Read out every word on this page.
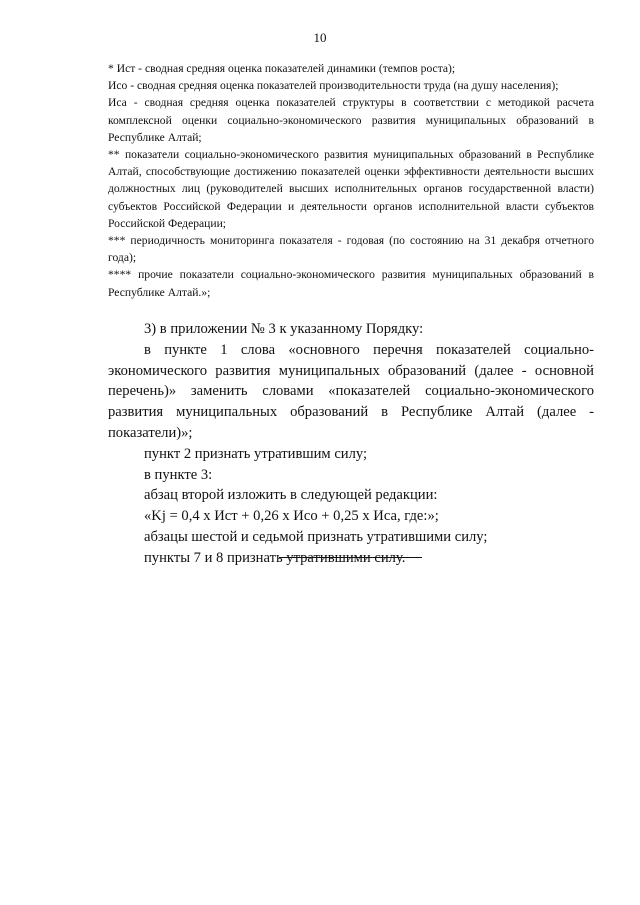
10

* Ист - сводная средняя оценка показателей динамики (темпов роста);

Исо - сводная средняя оценка показателей производительности труда (на душу населения);

Иса - сводная средняя оценка показателей структуры в соответствии с методикой расчета комплексной оценки социально-экономического развития муниципальных образований в Республике Алтай;

** показатели социально-экономического развития муниципальных образований в Республике Алтай, способствующие достижению показателей оценки эффективности деятельности высших должностных лиц (руководителей высших исполнительных органов государственной власти) субъектов Российской Федерации и деятельности органов исполнительной власти субъектов Российской Федерации;

*** периодичность мониторинга показателя - годовая (по состоянию на 31 декабря отчетного года);

**** прочие показатели социально-экономического развития муниципальных образований в Республике Алтай.»;

3) в приложении № 3 к указанному Порядку:

в пункте 1 слова «основного перечня показателей социально-экономического развития муниципальных образований (далее - основной перечень)» заменить словами «показателей социально-экономического развития муниципальных образований в Республике Алтай (далее - показатели)»;

пункт 2 признать утратившим силу;

в пункте 3:

абзац второй изложить в следующей редакции:

«Kj = 0,4 х Ист + 0,26 х Исо + 0,25 х Иса, где:»;

абзацы шестой и седьмой признать утратившими силу;

пункты 7 и 8 признать утратившими силу.
